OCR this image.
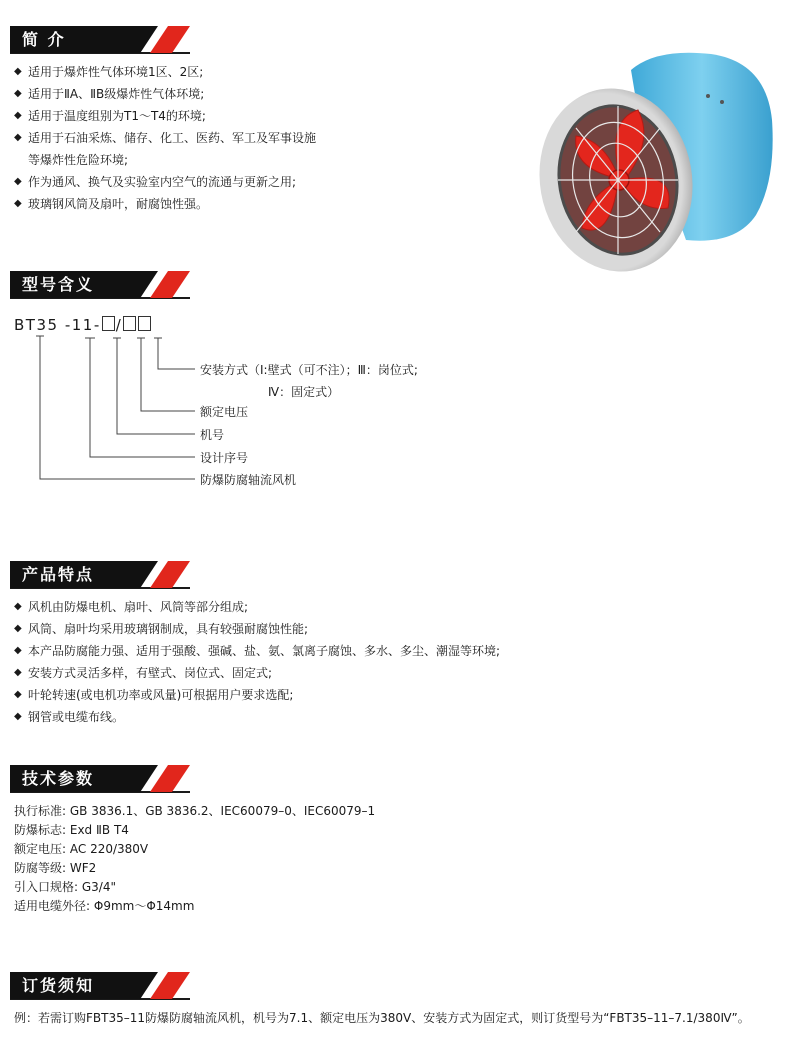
简 介
◆ 适用于爆炸性气体环境1区、2区;
◆ 适用于ⅡA、ⅡB级爆炸性气体环境;
◆ 适用于温度组别为T1～T4的环境;
◆ 适用于石油采炼、储存、化工、医药、军工及军事设施
等爆炸性危险环境;
◆ 作为通风、换气及实验室内空气的流通与更新之用;
◆ 玻璃钢风筒及扇叶，耐腐蚀性强。
型号含义
BT35 -11- /
安装方式（Ⅰ:壁式（可不注）；Ⅲ：岗位式;
Ⅳ：固定式）
额定电压
机号
设计序号
防爆防腐轴流风机
产品特点
◆ 风机由防爆电机、扇叶、风筒等部分组成;
◆ 风筒、扇叶均采用玻璃钢制成，具有较强耐腐蚀性能;
◆ 本产品防腐能力强、适用于强酸、强碱、盐、氨、氯离子腐蚀、多水、多尘、潮湿等环境;
◆ 安装方式灵活多样，有壁式、岗位式、固定式;
◆ 叶轮转速(或电机功率或风量)可根据用户要求选配;
◆ 钢管或电缆布线。
技术参数
执行标准: GB 3836.1、GB 3836.2、IEC60079–0、IEC60079–1
防爆标志: Exd ⅡB T4
额定电压: AC 220/380V
防腐等级: WF2
引入口规格: G3/4"
适用电缆外径: Φ9mm～Φ14mm
订货须知
例：若需订购FBT35–11防爆防腐轴流风机，机号为7.1、额定电压为380V、安装方式为固定式，则订货型号为“FBT35–11–7.1/380Ⅳ”。
